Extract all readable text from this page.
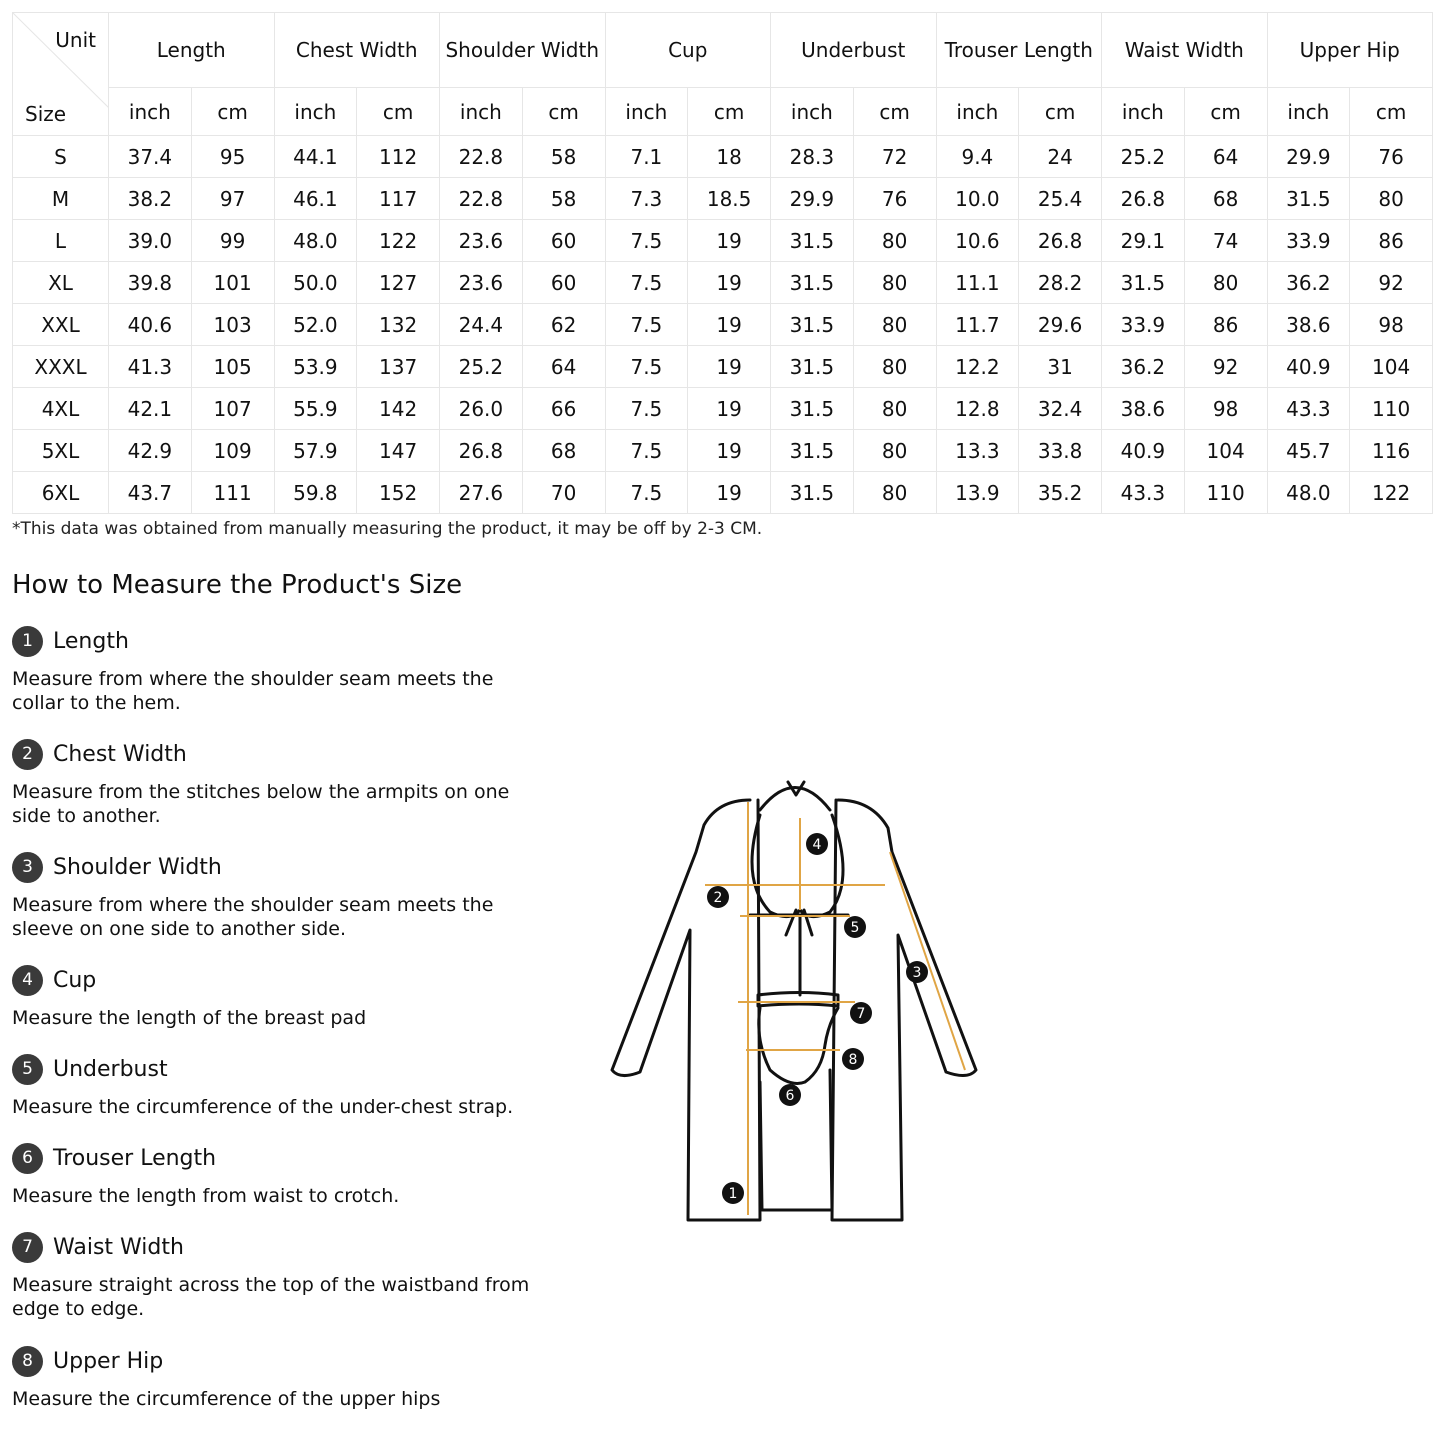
Unit
Size	Length		Chest Width		Shoulder Width		Cup		Underbust		Trouser Length		Waist Width		Upper Hip	
	inch	cm	inch	cm	inch	cm	inch	cm	inch	cm	inch	cm	inch	cm	inch	cm
S	37.4	95	44.1	112	22.8	58	7.1	18	28.3	72	9.4	24	25.2	64	29.9	76
M	38.2	97	46.1	117	22.8	58	7.3	18.5	29.9	76	10.0	25.4	26.8	68	31.5	80
L	39.0	99	48.0	122	23.6	60	7.5	19	31.5	80	10.6	26.8	29.1	74	33.9	86
XL	39.8	101	50.0	127	23.6	60	7.5	19	31.5	80	11.1	28.2	31.5	80	36.2	92
XXL	40.6	103	52.0	132	24.4	62	7.5	19	31.5	80	11.7	29.6	33.9	86	38.6	98
XXXL	41.3	105	53.9	137	25.2	64	7.5	19	31.5	80	12.2	31	36.2	92	40.9	104
4XL	42.1	107	55.9	142	26.0	66	7.5	19	31.5	80	12.8	32.4	38.6	98	43.3	110
5XL	42.9	109	57.9	147	26.8	68	7.5	19	31.5	80	13.3	33.8	40.9	104	45.7	116
6XL	43.7	111	59.8	152	27.6	70	7.5	19	31.5	80	13.9	35.2	43.3	110	48.0	122
*This data was obtained from manually measuring the product, it may be off by 2-3 CM.
How to Measure the Product's Size
1 Length
Measure from where the shoulder seam meets the collar to the hem.
2 Chest Width
Measure from the stitches below the armpits on one side to another.
3 Shoulder Width
Measure from where the shoulder seam meets the sleeve on one side to another side.
4 Cup
Measure the length of the breast pad
5 Underbust
Measure the circumference of the under-chest strap.
6 Trouser Length
Measure the length from waist to crotch.
7 Waist Width
Measure straight across the top of the waistband from edge to edge.
8 Upper Hip
Measure the circumference of the upper hips
1
2
3
4
5
6
7
8
